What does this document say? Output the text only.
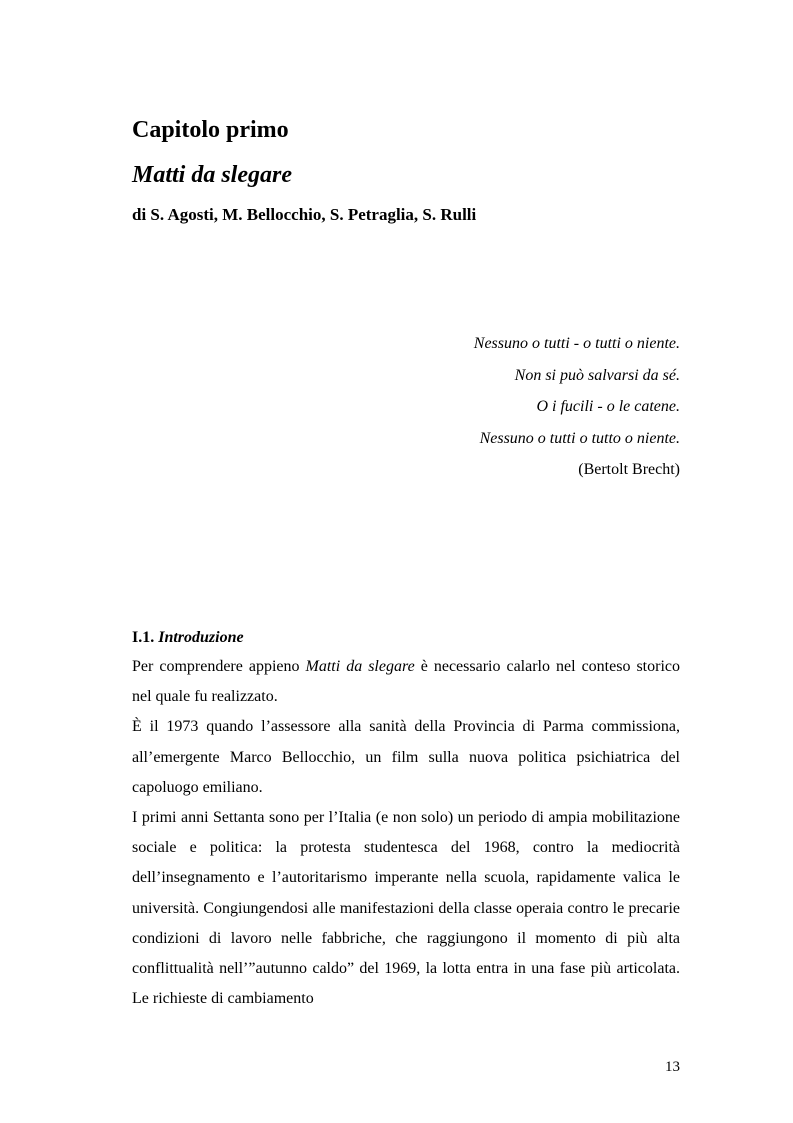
Capitolo primo
Matti da slegare

di S. Agosti, M. Bellocchio, S. Petraglia, S. Rulli

Nessuno o tutti - o tutti o niente.
Non si può salvarsi da sé.
O i fucili - o le catene.
Nessuno o tutti o tutto o niente.
(Bertolt Brecht)

I.1. Introduzione

Per comprendere appieno Matti da slegare è necessario calarlo nel conteso storico nel quale fu realizzato.

È il 1973 quando l’assessore alla sanità della Provincia di Parma commissiona, all’emergente Marco Bellocchio, un film sulla nuova politica psichiatrica del capoluogo emiliano.

I primi anni Settanta sono per l’Italia (e non solo) un periodo di ampia mobilitazione sociale e politica: la protesta studentesca del 1968, contro la mediocrità dell’insegnamento e l’autoritarismo imperante nella scuola, rapidamente valica le università. Congiungendosi alle manifestazioni della classe operaia contro le precarie condizioni di lavoro nelle fabbriche, che raggiungono il momento di più alta conflittualità nell’”autunno caldo” del 1969, la lotta entra in una fase più articolata. Le richieste di cambiamento

13
